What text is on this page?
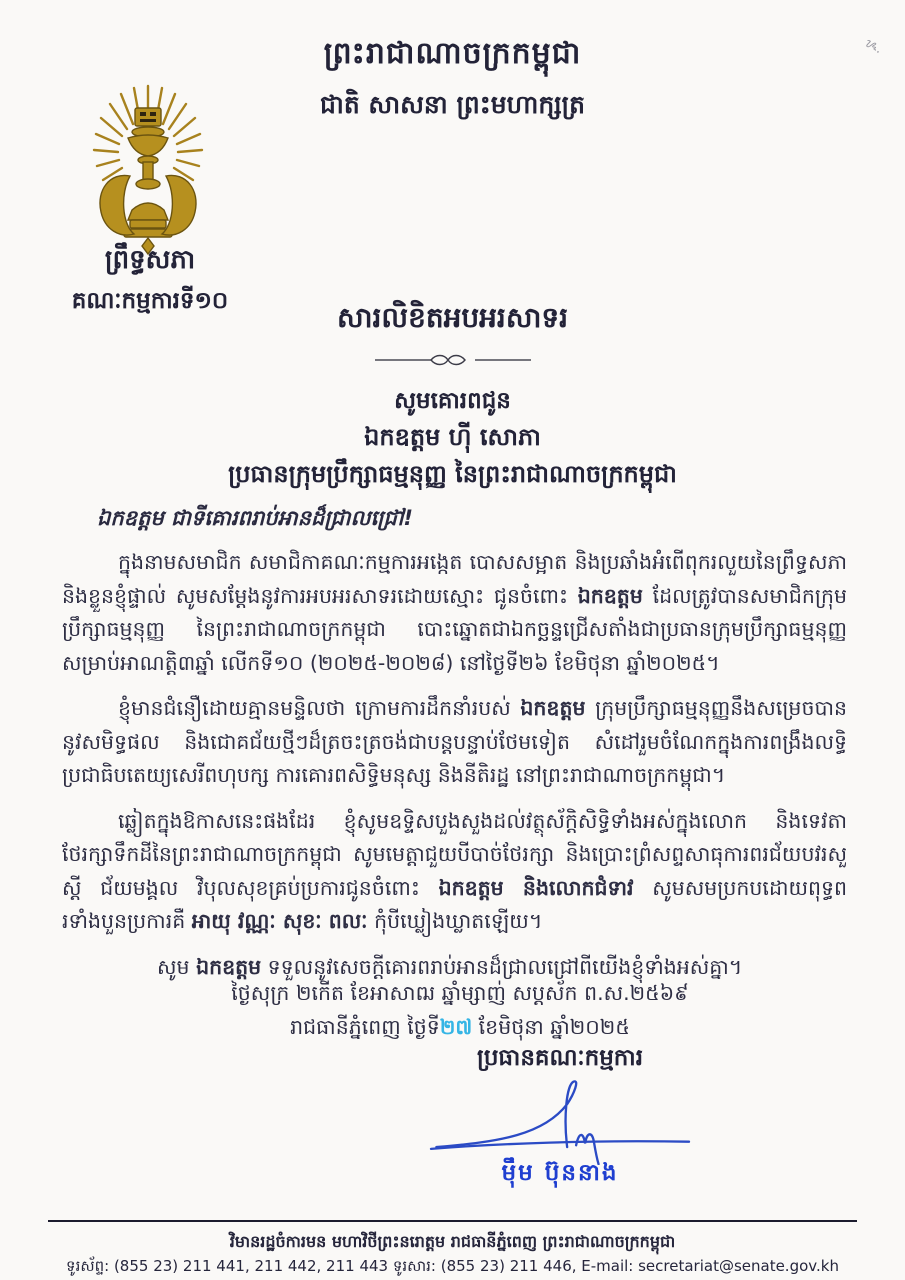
ᝰ.
ព្រះរាជាណាចក្រកម្ពុជា
ជាតិ សាសនា ព្រះមហាក្សត្រ
ព្រឹទ្ធសភា
គណៈកម្មការទី១០	សារលិខិតអបអរសាទរ
សូមគោរពជូន
ឯកឧត្តម ហ៊ី សោភា
ប្រធានក្រុមប្រឹក្សាធម្មនុញ្ញ នៃព្រះរាជាណាចក្រកម្ពុជា
ឯកឧត្តម ជាទីគោរពរាប់អានដ៏ជ្រាលជ្រៅ!

ក្នុងនាមសមាជិក សមាជិកាគណៈកម្មការអង្កេត បោសសម្អាត និងប្រឆាំងអំពើពុករលួយនៃព្រឹទ្ធសភា និងខ្លួនខ្ញុំផ្ទាល់ សូមសម្តែងនូវការអបអរសាទរដោយស្មោះ ជូនចំពោះ ឯកឧត្តម ដែលត្រូវបានសមាជិកក្រុមប្រឹក្សាធម្មនុញ្ញ នៃព្រះរាជាណាចក្រកម្ពុជា បោះឆ្នោតជាឯកច្ឆន្ទជ្រើសតាំងជាប្រធានក្រុមប្រឹក្សាធម្មនុញ្ញ សម្រាប់អាណត្តិ៣ឆ្នាំ លើកទី១០ (២០២៥-២០២៨) នៅថ្ងៃទី២៦ ខែមិថុនា ឆ្នាំ២០២៥។

ខ្ញុំមានជំនឿដោយគ្មានមន្ទិលថា ក្រោមការដឹកនាំរបស់ ឯកឧត្តម ក្រុមប្រឹក្សាធម្មនុញ្ញនឹងសម្រេចបាននូវសមិទ្ធផល និងជោគជ័យថ្មីៗដ៏ត្រចះត្រចង់ជាបន្តបន្ទាប់ថែមទៀត សំដៅរួមចំណែកក្នុងការពង្រឹងលទ្ធិប្រជាធិបតេយ្យសេរីពហុបក្ស ការគោរពសិទ្ធិមនុស្ស និងនីតិរដ្ឋ នៅព្រះរាជាណាចក្រកម្ពុជា។

ឆ្លៀតក្នុងឱកាសនេះផងដែរ ខ្ញុំសូមឧទ្ទិសបួងសួងដល់វត្ថុស័ក្តិសិទ្ធិទាំងអស់ក្នុងលោក និងទេវតាថែរក្សាទឹកដីនៃព្រះរាជាណាចក្រកម្ពុជា សូមមេត្តាជួយបីបាច់ថែរក្សា និងប្រោះព្រំសព្ទសាធុការពរជ័យបវរសួស្តី ជ័យមង្គល វិបុលសុខគ្រប់ប្រការជូនចំពោះ ឯកឧត្តម និងលោកជំទាវ សូមសមប្រកបដោយពុទ្ធពរទាំងបួនប្រការគឺ អាយុ វណ្ណៈ សុខៈ ពលៈ កុំបីឃ្លៀងឃ្លាតឡើយ។

សូម ឯកឧត្តម ទទួលនូវសេចក្តីគោរពរាប់អានដ៏ជ្រាលជ្រៅពីយើងខ្ញុំទាំងអស់គ្នា។

ថ្ងៃសុក្រ ២កើត ខែអាសាឍ ឆ្នាំម្សាញ់ សប្តស័ក ព.ស.២៥៦៩
រាជធានីភ្នំពេញ ថ្ងៃទី២៧ ខែមិថុនា ឆ្នាំ២០២៥
ប្រធានគណៈកម្មការ
ម៉ឹម ប៊ុននាង
វិមានរដ្ឋចំការមន មហាវិថីព្រះនរោត្តម រាជធានីភ្នំពេញ ព្រះរាជាណាចក្រកម្ពុជា
ទូរស័ព្ទ: (855 23) 211 441, 211 442, 211 443 ទូរសារ: (855 23) 211 446, E-mail: secretariat@senate.gov.kh
